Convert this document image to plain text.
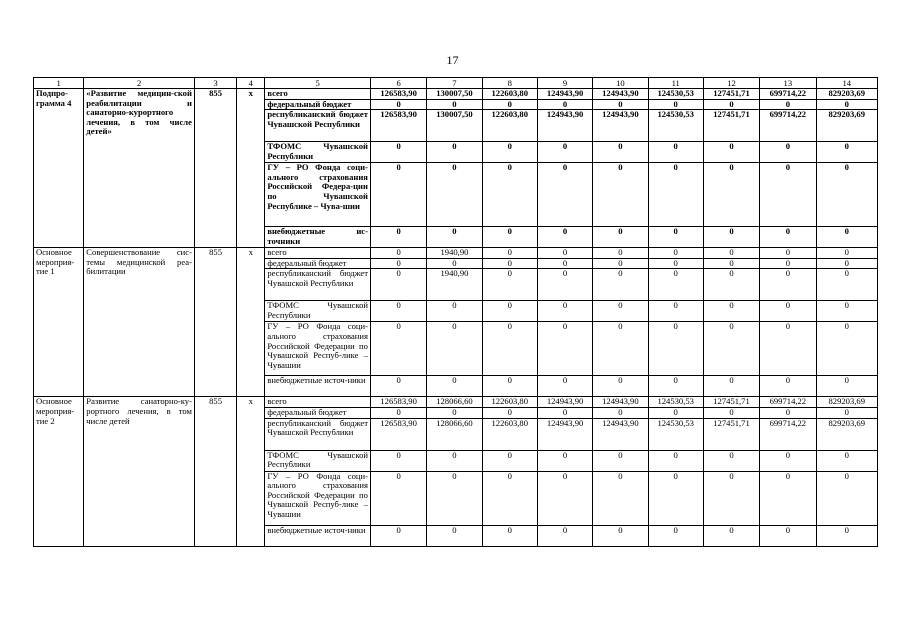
17
1	2	3	4	5	6	7	8	9	10	11	12	13	14
Подпро-грамма 4	«Развитие медицин-ской реабилитации и санаторно-курортного лечения, в том числе детей»	855	x	всего	126583,90	130007,50	122603,80	124943,90	124943,90	124530,53	127451,71	699714,22	829203,69
				федеральный бюджет	0	0	0	0	0	0	0	0	0
				республиканский бюджет Чувашской Республики	126583,90	130007,50	122603,80	124943,90	124943,90	124530,53	127451,71	699714,22	829203,69
				ТФОМС Чувашской Республики	0	0	0	0	0	0	0	0	0
				ГУ – РО Фонда соци-ального страхования Российской Федера-ции по Чувашской Республике – Чува-шии	0	0	0	0	0	0	0	0	0
				внебюджетные ис-точники	0	0	0	0	0	0	0	0	0
Основное мероприя-тие 1	Совершенствование сис-темы медицинской реа-билитации	855	x	всего	0	1940,90	0	0	0	0	0	0	0
				федеральный бюджет	0	0	0	0	0	0	0	0	0
				республиканский бюджет Чувашской Республики	0	1940,90	0	0	0	0	0	0	0
				ТФОМС Чувашской Республики	0	0	0	0	0	0	0	0	0
				ГУ – РО Фонда соци-ального страхования Российской Федерации по Чувашской Респуб-лике – Чувашии	0	0	0	0	0	0	0	0	0
				внебюджетные источ-ники	0	0	0	0	0	0	0	0	0
Основное мероприя-тие 2	Развитие санаторно-ку-рортного лечения, в том числе детей	855	x	всего	126583,90	128066,60	122603,80	124943,90	124943,90	124530,53	127451,71	699714,22	829203,69
				федеральный бюджет	0	0	0	0	0	0	0	0	0
				республиканский бюджет Чувашской Республики	126583,90	128066,60	122603,80	124943,90	124943,90	124530,53	127451,71	699714,22	829203,69
				ТФОМС Чувашской Республики	0	0	0	0	0	0	0	0	0
				ГУ – РО Фонда соци-ального страхования Российской Федерации по Чувашской Респуб-лике – Чувашии	0	0	0	0	0	0	0	0	0
				внебюджетные источ-ники	0	0	0	0	0	0	0	0	0
